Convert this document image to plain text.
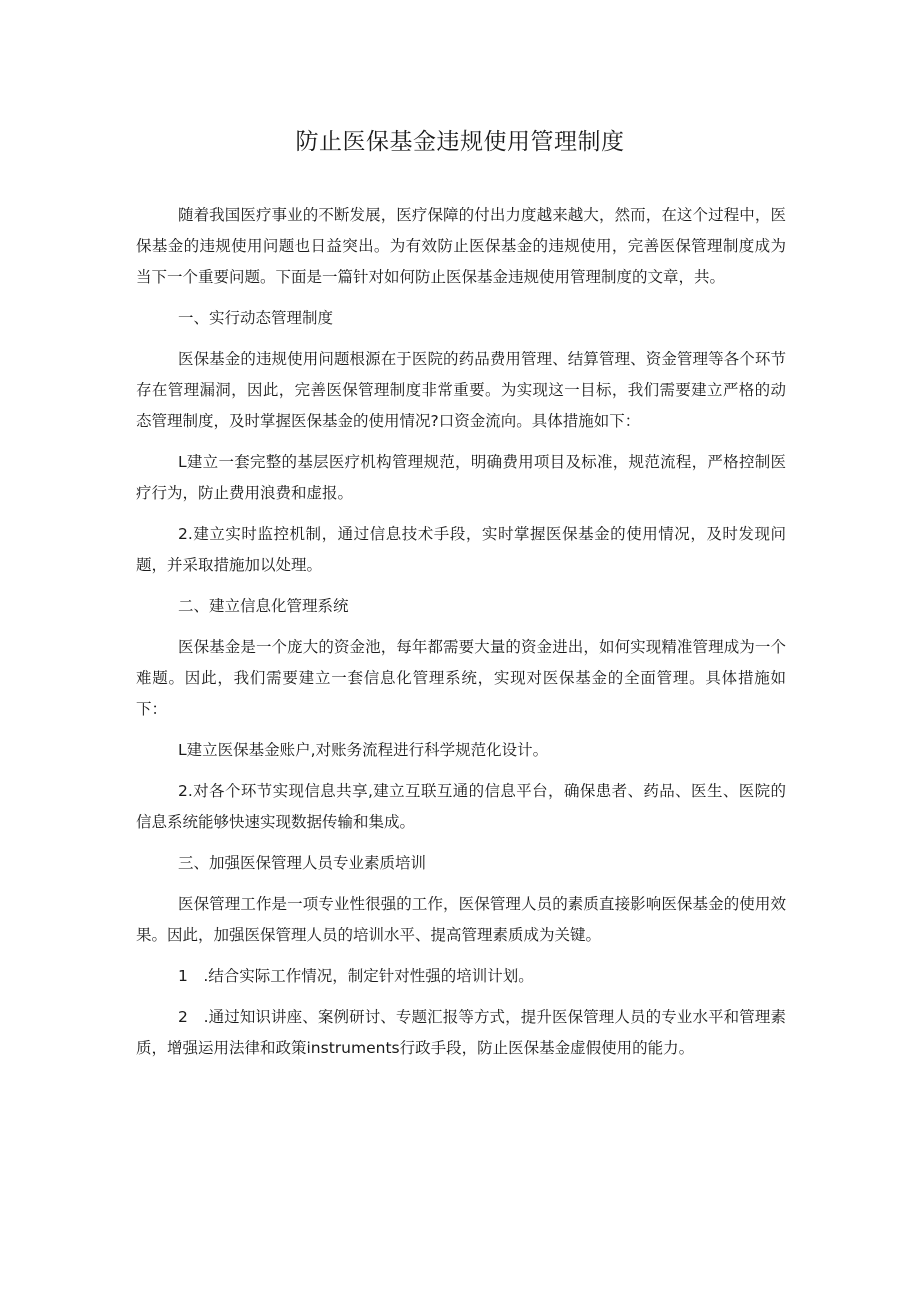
防止医保基金违规使用管理制度

随着我国医疗事业的不断发展，医疗保障的付出力度越来越大，然而，在这个过程中，医保基金的违规使用问题也日益突出。为有效防止医保基金的违规使用，完善医保管理制度成为当下一个重要问题。下面是一篇针对如何防止医保基金违规使用管理制度的文章，共。

一、实行动态管理制度

医保基金的违规使用问题根源在于医院的药品费用管理、结算管理、资金管理等各个环节存在管理漏洞，因此，完善医保管理制度非常重要。为实现这一目标，我们需要建立严格的动态管理制度，及时掌握医保基金的使用情况?口资金流向。具体措施如下：

L建立一套完整的基层医疗机构管理规范，明确费用项目及标准，规范流程，严格控制医疗行为，防止费用浪费和虚报。

2.建立实时监控机制，通过信息技术手段，实时掌握医保基金的使用情况，及时发现问题，并采取措施加以处理。

二、建立信息化管理系统

医保基金是一个庞大的资金池，每年都需要大量的资金进出，如何实现精准管理成为一个难题。因此，我们需要建立一套信息化管理系统，实现对医保基金的全面管理。具体措施如下：

L建立医保基金账户,对账务流程进行科学规范化设计。

2.对各个环节实现信息共享,建立互联互通的信息平台，确保患者、药品、医生、医院的信息系统能够快速实现数据传输和集成。

三、加强医保管理人员专业素质培训

医保管理工作是一项专业性很强的工作，医保管理人员的素质直接影响医保基金的使用效果。因此，加强医保管理人员的培训水平、提高管理素质成为关键。

1　.结合实际工作情况，制定针对性强的培训计划。

2　.通过知识讲座、案例研讨、专题汇报等方式，提升医保管理人员的专业水平和管理素质，增强运用法律和政策instruments行政手段，防止医保基金虚假使用的能力。
